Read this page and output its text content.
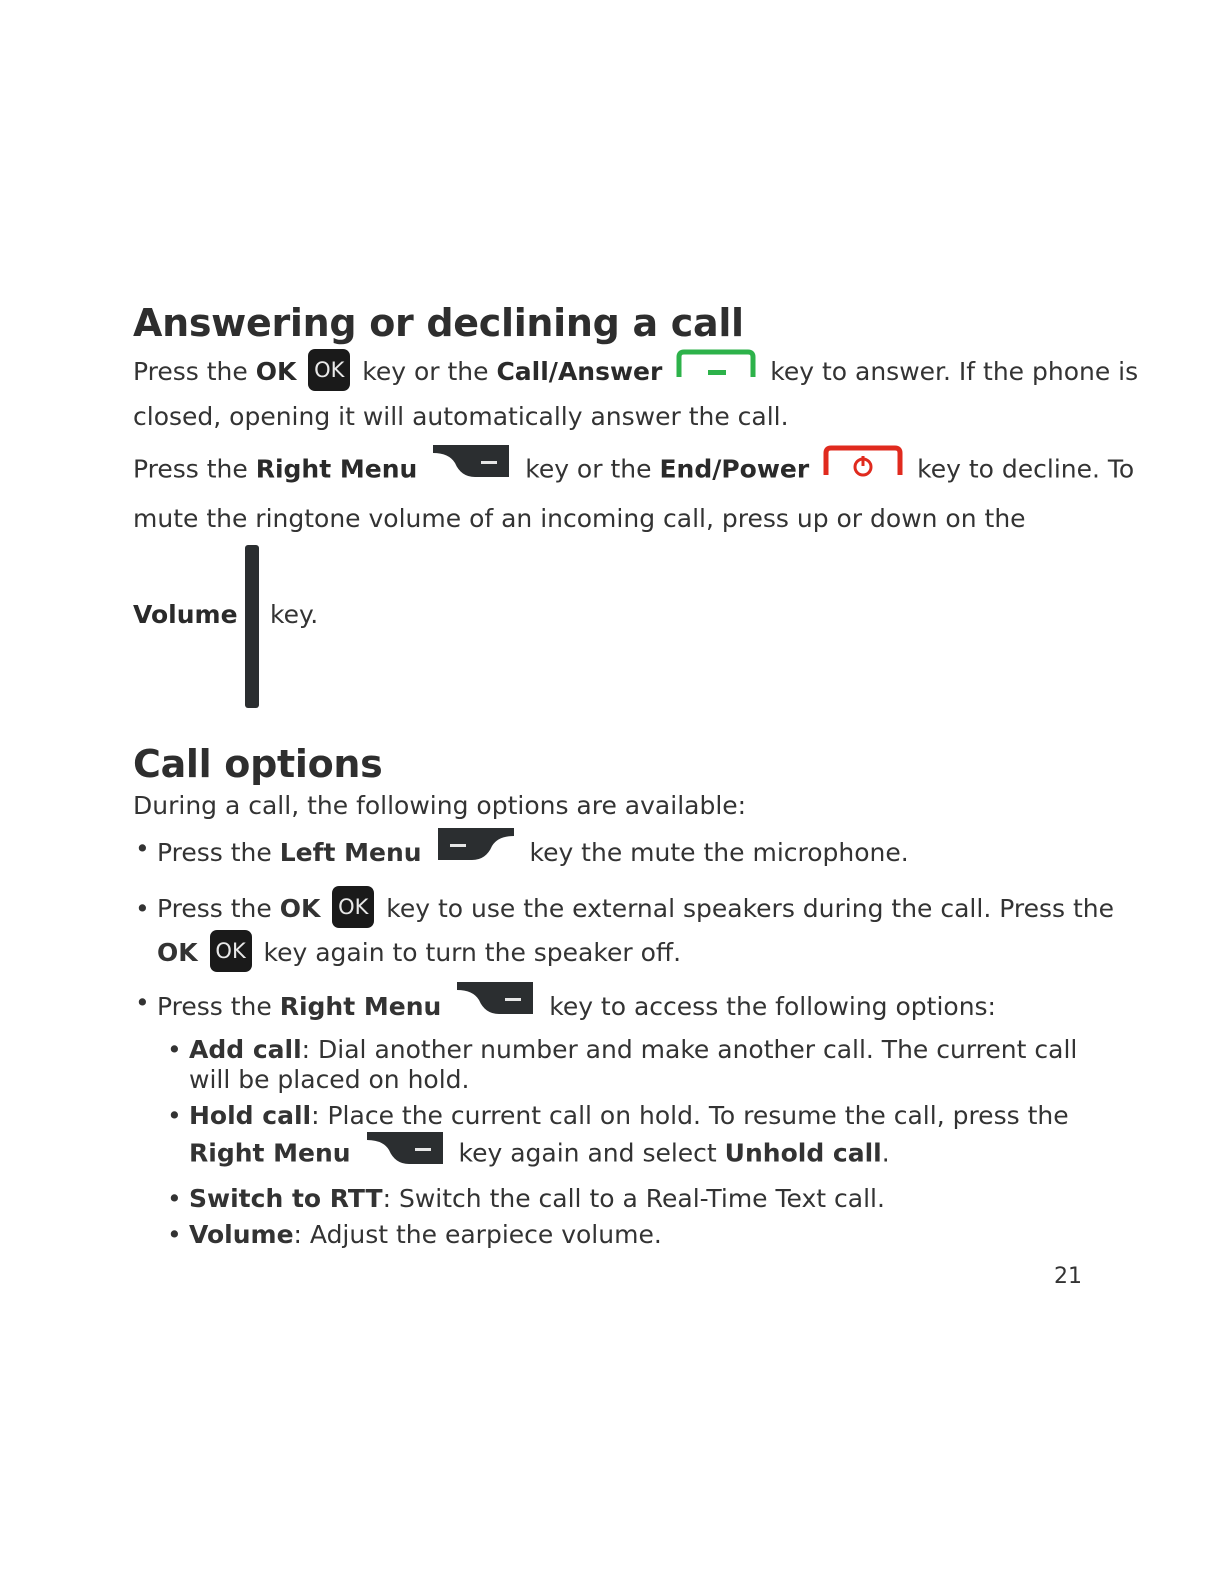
Answering or declining a call

Press the OK OK key or the Call/Answer	key to answer. If the phone is

closed, opening it will automatically answer the call.

Press the Right Menu	key or the End/Power	key to decline. To

mute the ringtone volume of an incoming call, press up or down on the

Volume key.
Call options

During a call, the following options are available:

• Press the Left Menu	key the mute the microphone.
• Press the OK OK key to use the external speakers during the call. Press the
OK OK key again to turn the speaker off.
• Press the Right Menu	key to access the following options:
• Add call: Dial another number and make another call. The current call
will be placed on hold.
• Hold call: Place the current call on hold. To resume the call, press the
Right Menu	key again and select Unhold call.
• Switch to RTT: Switch the call to a Real-Time Text call.
• Volume: Adjust the earpiece volume.
21
